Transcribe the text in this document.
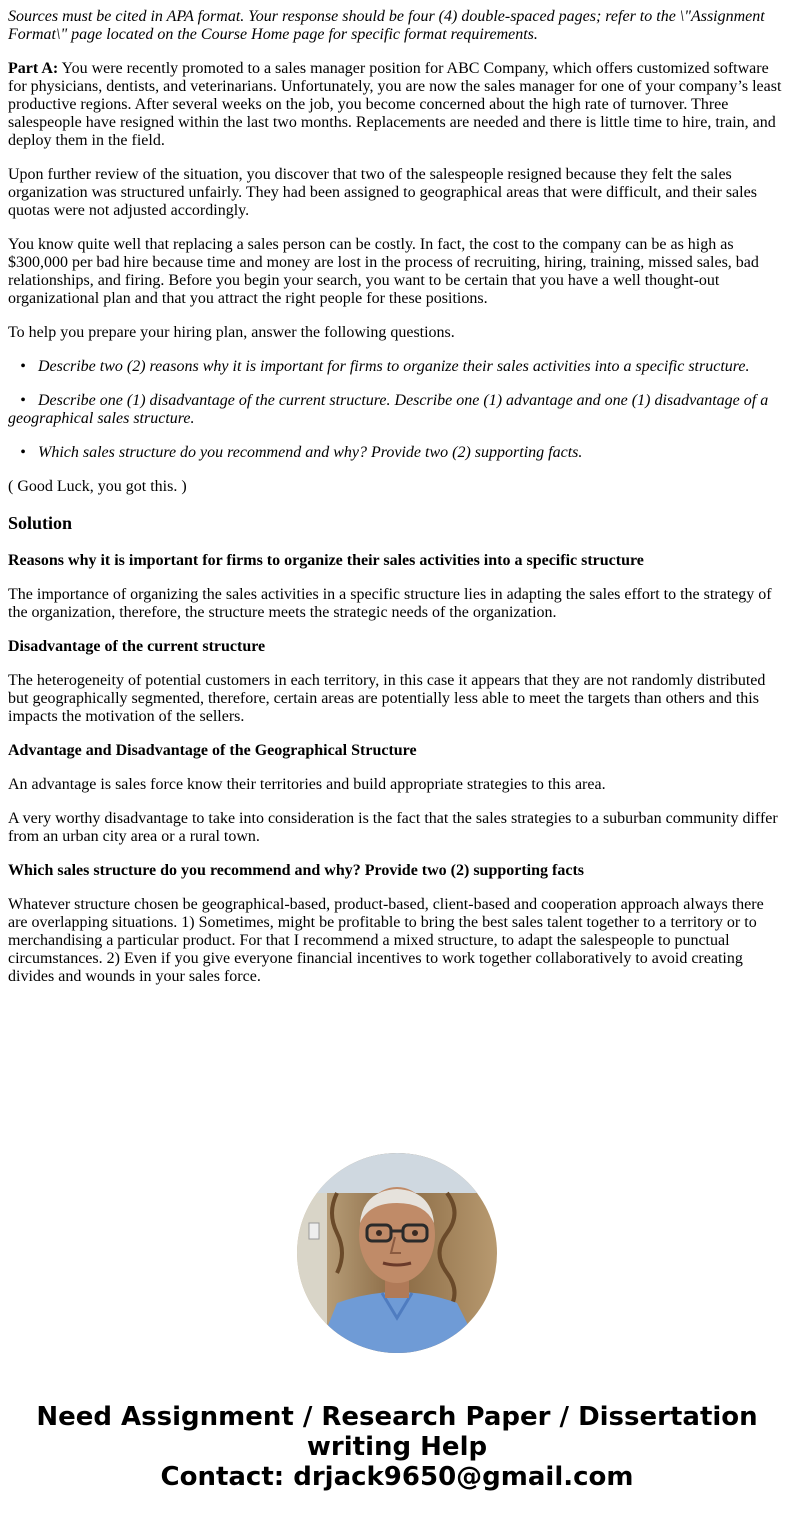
Sources must be cited in APA format. Your response should be four (4) double-spaced pages; refer to the \"Assignment Format\" page located on the Course Home page for specific format requirements.

Part A: You were recently promoted to a sales manager position for ABC Company, which offers customized software for physicians, dentists, and veterinarians. Unfortunately, you are now the sales manager for one of your company’s least productive regions. After several weeks on the job, you become concerned about the high rate of turnover. Three salespeople have resigned within the last two months. Replacements are needed and there is little time to hire, train, and deploy them in the field.

Upon further review of the situation, you discover that two of the salespeople resigned because they felt the sales organization was structured unfairly. They had been assigned to geographical areas that were difficult, and their sales quotas were not adjusted accordingly.

You know quite well that replacing a sales person can be costly. In fact, the cost to the company can be as high as $300,000 per bad hire because time and money are lost in the process of recruiting, hiring, training, missed sales, bad relationships, and firing. Before you begin your search, you want to be certain that you have a well thought-out organizational plan and that you attract the right people for these positions.

To help you prepare your hiring plan, answer the following questions.

• Describe two (2) reasons why it is important for firms to organize their sales activities into a specific structure.
• Describe one (1) disadvantage of the current structure. Describe one (1) advantage and one (1) disadvantage of a geographical sales structure.
• Which sales structure do you recommend and why? Provide two (2) supporting facts.

( Good Luck, you got this. )

Solution
Reasons why it is important for firms to organize their sales activities into a specific structure

The importance of organizing the sales activities in a specific structure lies in adapting the sales effort to the strategy of the organization, therefore, the structure meets the strategic needs of the organization.

Disadvantage of the current structure

The heterogeneity of potential customers in each territory, in this case it appears that they are not randomly distributed but geographically segmented, therefore, certain areas are potentially less able to meet the targets than others and this impacts the motivation of the sellers.

Advantage and Disadvantage of the Geographical Structure

An advantage is sales force know their territories and build appropriate strategies to this area.

A very worthy disadvantage to take into consideration is the fact that the sales strategies to a suburban community differ from an urban city area or a rural town.

Which sales structure do you recommend and why? Provide two (2) supporting facts

Whatever structure chosen be geographical-based, product-based, client-based and cooperation approach always there are overlapping situations. 1) Sometimes, might be profitable to bring the best sales talent together to a territory or to merchandising a particular product. For that I recommend a mixed structure, to adapt the salespeople to punctual circumstances. 2) Even if you give everyone financial incentives to work together collaboratively to avoid creating divides and wounds in your sales force.

Need Assignment / Research Paper / Dissertation
writing Help
Contact: drjack9650@gmail.com
